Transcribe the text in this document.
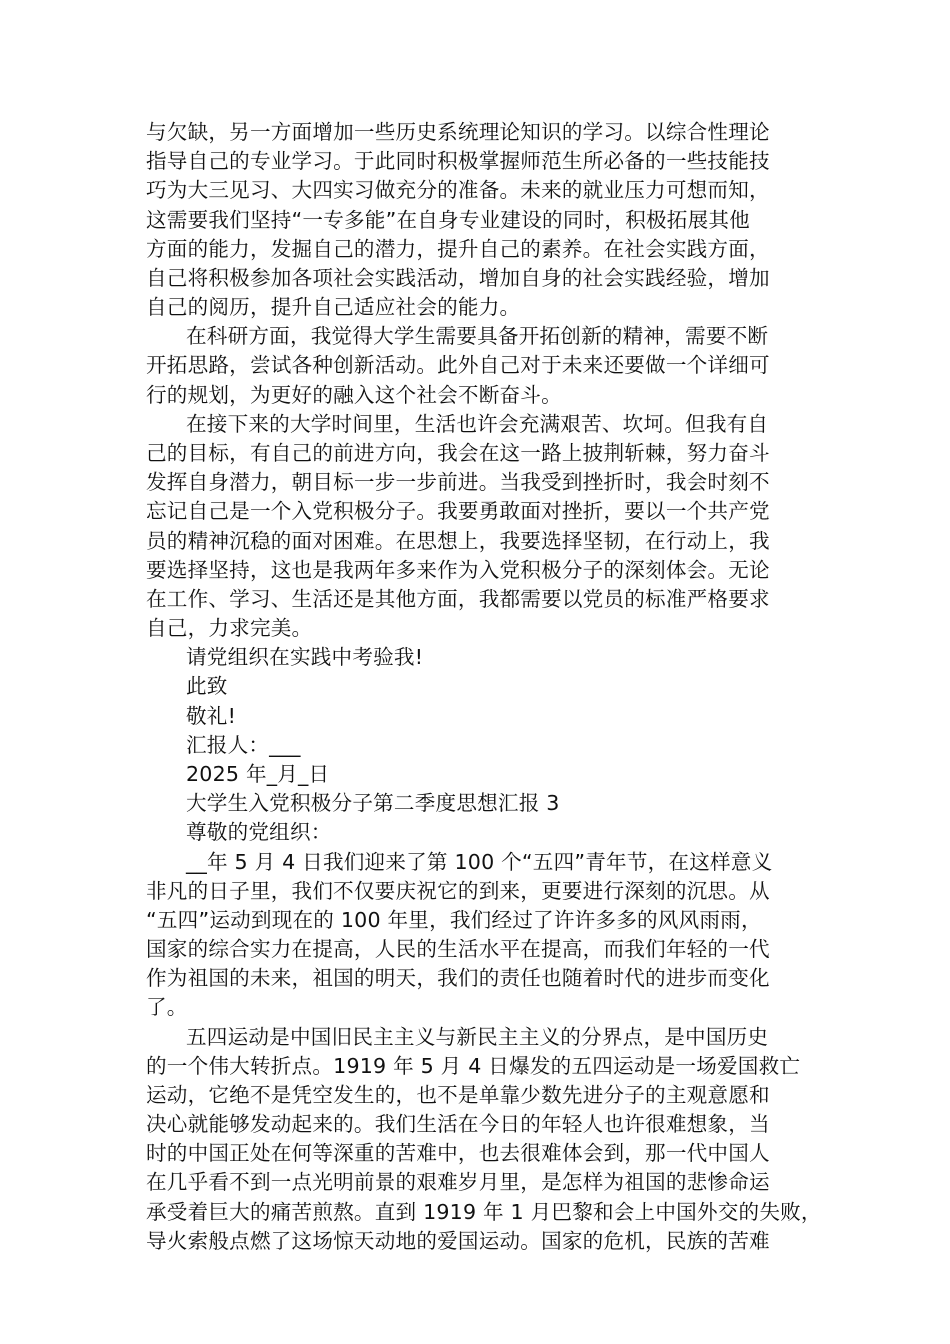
与欠缺，另一方面增加一些历史系统理论知识的学习。以综合性理论
指导自己的专业学习。于此同时积极掌握师范生所必备的一些技能技
巧为大三见习、大四实习做充分的准备。未来的就业压力可想而知，
这需要我们坚持“一专多能”在自身专业建设的同时，积极拓展其他
方面的能力，发掘自己的潜力，提升自己的素养。在社会实践方面，
自己将积极参加各项社会实践活动，增加自身的社会实践经验，增加
自己的阅历，提升自己适应社会的能力。
在科研方面，我觉得大学生需要具备开拓创新的精神，需要不断
开拓思路，尝试各种创新活动。此外自己对于未来还要做一个详细可
行的规划，为更好的融入这个社会不断奋斗。
在接下来的大学时间里，生活也许会充满艰苦、坎坷。但我有自
己的目标，有自己的前进方向，我会在这一路上披荆斩棘，努力奋斗
发挥自身潜力，朝目标一步一步前进。当我受到挫折时，我会时刻不
忘记自己是一个入党积极分子。我要勇敢面对挫折，要以一个共产党
员的精神沉稳的面对困难。在思想上，我要选择坚韧，在行动上，我
要选择坚持，这也是我两年多来作为入党积极分子的深刻体会。无论
在工作、学习、生活还是其他方面，我都需要以党员的标准严格要求
自己，力求完美。
请党组织在实践中考验我!
此致
敬礼!
汇报人：___
2025 年_月_日
大学生入党积极分子第二季度思想汇报 3
尊敬的党组织：
__年 5 月 4 日我们迎来了第 100 个“五四”青年节，在这样意义
非凡的日子里，我们不仅要庆祝它的到来，更要进行深刻的沉思。从
“五四”运动到现在的 100 年里，我们经过了许许多多的风风雨雨，
国家的综合实力在提高，人民的生活水平在提高，而我们年轻的一代
作为祖国的未来，祖国的明天，我们的责任也随着时代的进步而变化
了。
五四运动是中国旧民主主义与新民主主义的分界点，是中国历史
的一个伟大转折点。1919 年 5 月 4 日爆发的五四运动是一场爱国救亡
运动，它绝不是凭空发生的，也不是单靠少数先进分子的主观意愿和
决心就能够发动起来的。我们生活在今日的年轻人也许很难想象，当
时的中国正处在何等深重的苦难中，也去很难体会到，那一代中国人
在几乎看不到一点光明前景的艰难岁月里，是怎样为祖国的悲惨命运
承受着巨大的痛苦煎熬。直到 1919 年 1 月巴黎和会上中国外交的失败，
导火索般点燃了这场惊天动地的爱国运动。国家的危机，民族的苦难
